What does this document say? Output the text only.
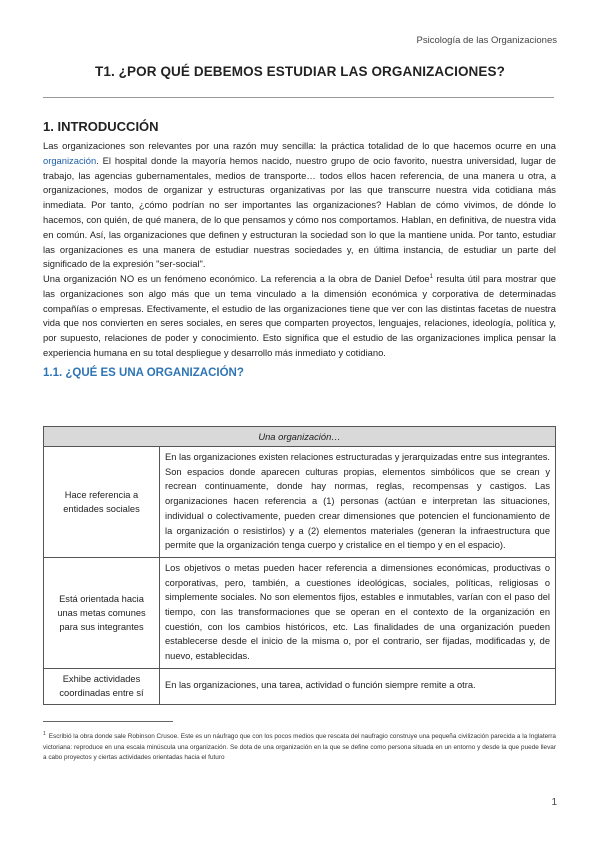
Psicología de las Organizaciones
T1. ¿POR QUÉ DEBEMOS ESTUDIAR LAS ORGANIZACIONES?
1. INTRODUCCIÓN

Las organizaciones son relevantes por una razón muy sencilla: la práctica totalidad de lo que hacemos ocurre en una organización. El hospital donde la mayoría hemos nacido, nuestro grupo de ocio favorito, nuestra universidad, lugar de trabajo, las agencias gubernamentales, medios de transporte… todos ellos hacen referencia, de una manera u otra, a organizaciones, modos de organizar y estructuras organizativas por las que transcurre nuestra vida cotidiana más inmediata. Por tanto, ¿cómo podrían no ser importantes las organizaciones? Hablan de cómo vivimos, de dónde lo hacemos, con quién, de qué manera, de lo que pensamos y cómo nos comportamos. Hablan, en definitiva, de nuestra vida en común. Así, las organizaciones que definen y estructuran la sociedad son lo que la mantiene unida. Por tanto, estudiar las organizaciones es una manera de estudiar nuestras sociedades y, en última instancia, de estudiar un parte del significado de la expresión "ser-social".

Una organización NO es un fenómeno económico. La referencia a la obra de Daniel Defoe$^1$ resulta útil para mostrar que las organizaciones son algo más que un tema vinculado a la dimensión económica y corporativa de determinadas compañías o empresas. Efectivamente, el estudio de las organizaciones tiene que ver con las distintas facetas de nuestra vida que nos convierten en seres sociales, en seres que comparten proyectos, lenguajes, relaciones, ideología, política y, por supuesto, relaciones de poder y conocimiento. Esto significa que el estudio de las organizaciones implica pensar la experiencia humana en su total despliegue y desarrollo más inmediato y cotidiano.

1.1. ¿QUÉ ES UNA ORGANIZACIÓN?
Una organización…	
Hace referencia a entidades sociales	En las organizaciones existen relaciones estructuradas y jerarquizadas entre sus integrantes. Son espacios donde aparecen culturas propias, elementos simbólicos que se crean y recrean continuamente, donde hay normas, reglas, recompensas y castigos. Las organizaciones hacen referencia a (1) personas (actúan e interpretan las situaciones, individual o colectivamente, pueden crear dimensiones que potencien el funcionamiento de la organización o resistirlos) y a (2) elementos materiales (generan la infraestructura que permite que la organización tenga cuerpo y cristalice en el tiempo y en el espacio).
Está orientada hacia unas metas comunes para sus integrantes	Los objetivos o metas pueden hacer referencia a dimensiones económicas, productivas o corporativas, pero, también, a cuestiones ideológicas, sociales, políticas, religiosas o simplemente sociales. No son elementos fijos, estables e inmutables, varían con el paso del tiempo, con las transformaciones que se operan en el contexto de la organización en cuestión, con los cambios históricos, etc. Las finalidades de una organización pueden establecerse desde el inicio de la misma o, por el contrario, ser fijadas, modificadas y, de nuevo, establecidas.
Exhibe actividades coordinadas entre sí	En las organizaciones, una tarea, actividad o función siempre remite a otra.

$^1$ Escribió la obra donde sale Robinson Crusoe. Este es un náufrago que con los pocos medios que rescata del naufragio construye una pequeña civilización parecida a la Inglaterra victoriana: reproduce en una escala minúscula una organización. Se dota de una organización en la que se define como persona situada en un entorno y desde la que puede llevar a cabo proyectos y ciertas actividades orientadas hacia el futuro

1
